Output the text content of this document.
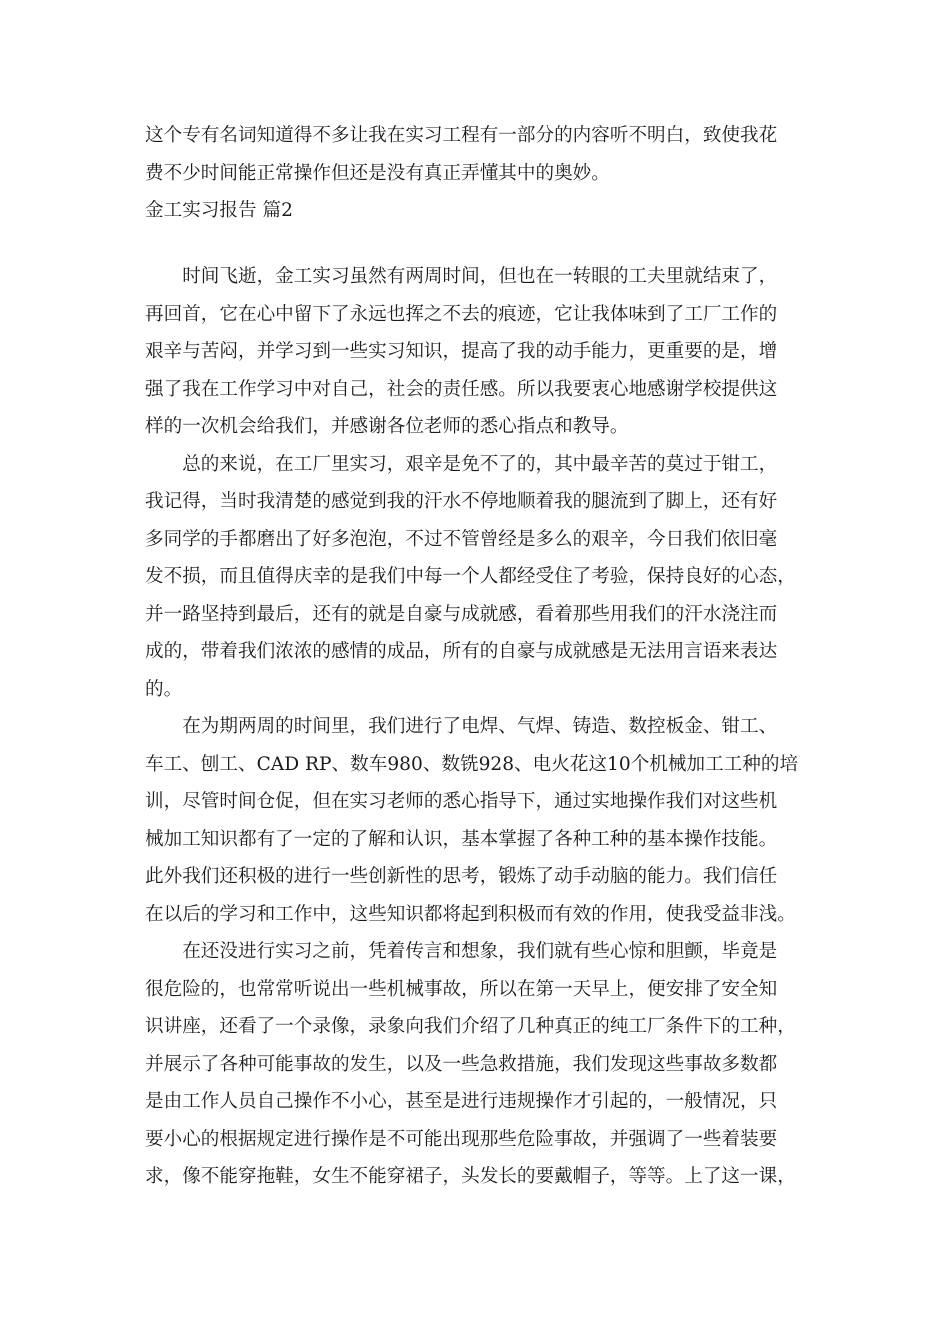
这个专有名词知道得不多让我在实习工程有一部分的内容听不明白，致使我花
费不少时间能正常操作但还是没有真正弄懂其中的奥妙。
金工实习报告 篇2
　　时间飞逝，金工实习虽然有两周时间，但也在一转眼的工夫里就结束了，
再回首，它在心中留下了永远也挥之不去的痕迹，它让我体味到了工厂工作的
艰辛与苦闷，并学习到一些实习知识，提高了我的动手能力，更重要的是，增
强了我在工作学习中对自己，社会的责任感。所以我要衷心地感谢学校提供这
样的一次机会给我们，并感谢各位老师的悉心指点和教导。
　　总的来说，在工厂里实习，艰辛是免不了的，其中最辛苦的莫过于钳工，
我记得，当时我清楚的感觉到我的汗水不停地顺着我的腿流到了脚上，还有好
多同学的手都磨出了好多泡泡，不过不管曾经是多么的艰辛，今日我们依旧毫
发不损，而且值得庆幸的是我们中每一个人都经受住了考验，保持良好的心态，
并一路坚持到最后，还有的就是自豪与成就感，看着那些用我们的汗水浇注而
成的，带着我们浓浓的感情的成品，所有的自豪与成就感是无法用言语来表达
的。
　　在为期两周的时间里，我们进行了电焊、气焊、铸造、数控板金、钳工、
车工、刨工、CAD RP、数车980、数铣928、电火花这10个机械加工工种的培
训，尽管时间仓促，但在实习老师的悉心指导下，通过实地操作我们对这些机
械加工知识都有了一定的了解和认识，基本掌握了各种工种的基本操作技能。
此外我们还积极的进行一些创新性的思考，锻炼了动手动脑的能力。我们信任
在以后的学习和工作中，这些知识都将起到积极而有效的作用，使我受益非浅。
　　在还没进行实习之前，凭着传言和想象，我们就有些心惊和胆颤，毕竟是
很危险的，也常常听说出一些机械事故，所以在第一天早上，便安排了安全知
识讲座，还看了一个录像，录象向我们介绍了几种真正的纯工厂条件下的工种，
并展示了各种可能事故的发生，以及一些急救措施，我们发现这些事故多数都
是由工作人员自己操作不小心，甚至是进行违规操作才引起的，一般情况，只
要小心的根据规定进行操作是不可能出现那些危险事故，并强调了一些着装要
求，像不能穿拖鞋，女生不能穿裙子，头发长的要戴帽子，等等。上了这一课，
